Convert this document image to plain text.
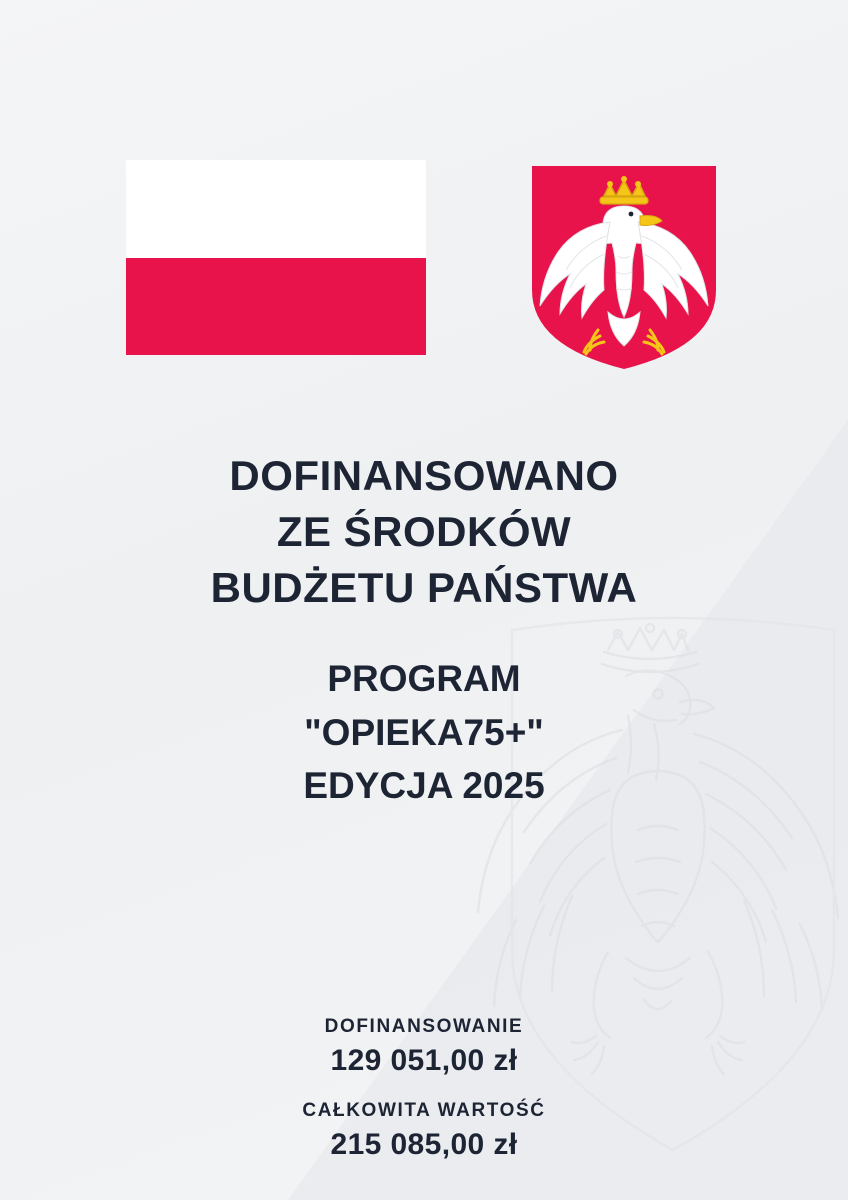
DOFINANSOWANO
ZE ŚRODKÓW
BUDŻETU PAŃSTWA
PROGRAM
"OPIEKA75+"
EDYCJA 2025
DOFINANSOWANIE
129 051,00 zł
CAŁKOWITA WARTOŚĆ
215 085,00 zł
